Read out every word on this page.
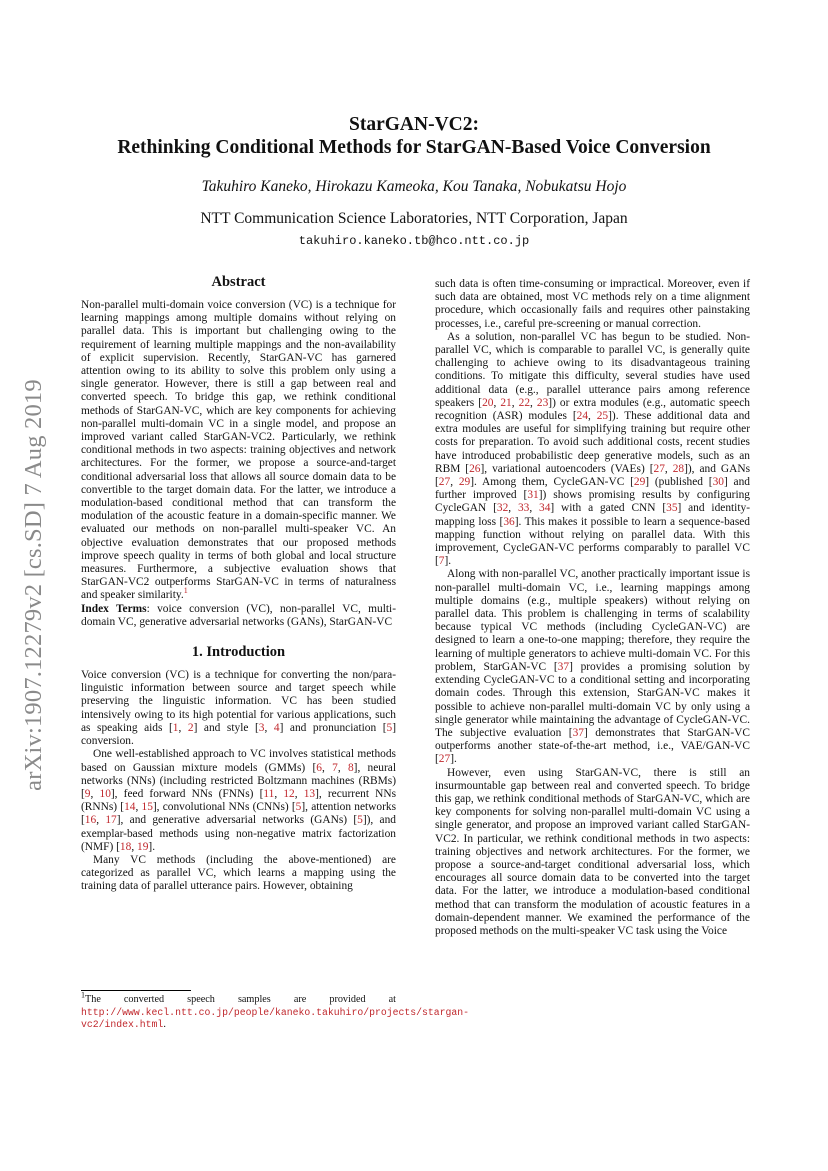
arXiv:1907.12279v2 [cs.SD] 7 Aug 2019
StarGAN-VC2:
Rethinking Conditional Methods for StarGAN-Based Voice Conversion
Takuhiro Kaneko, Hirokazu Kameoka, Kou Tanaka, Nobukatsu Hojo
NTT Communication Science Laboratories, NTT Corporation, Japan
takuhiro.kaneko.tb@hco.ntt.co.jp
Abstract

Non-parallel multi-domain voice conversion (VC) is a technique for learning mappings among multiple domains without relying on parallel data. This is important but challenging owing to the requirement of learning multiple mappings and the non-availability of explicit supervision. Recently, StarGAN-VC has garnered attention owing to its ability to solve this problem only using a single generator. However, there is still a gap between real and converted speech. To bridge this gap, we rethink conditional methods of StarGAN-VC, which are key components for achieving non-parallel multi-domain VC in a single model, and propose an improved variant called StarGAN-VC2. Particularly, we rethink conditional methods in two aspects: training objectives and network architectures. For the former, we propose a source-and-target conditional adversarial loss that allows all source domain data to be convertible to the target domain data. For the latter, we introduce a modulation-based conditional method that can transform the modulation of the acoustic feature in a domain-specific manner. We evaluated our methods on non-parallel multi-speaker VC. An objective evaluation demonstrates that our proposed methods improve speech quality in terms of both global and local structure measures. Furthermore, a subjective evaluation shows that StarGAN-VC2 outperforms StarGAN-VC in terms of naturalness and speaker similarity.$^1$

Index Terms: voice conversion (VC), non-parallel VC, multi-domain VC, generative adversarial networks (GANs), StarGAN-VC

1. Introduction

Voice conversion (VC) is a technique for converting the non/para-linguistic information between source and target speech while preserving the linguistic information. VC has been studied intensively owing to its high potential for various applications, such as speaking aids [1, 2] and style [3, 4] and pronunciation [5] conversion.

One well-established approach to VC involves statistical methods based on Gaussian mixture models (GMMs) [6, 7, 8], neural networks (NNs) (including restricted Boltzmann machines (RBMs) [9, 10], feed forward NNs (FNNs) [11, 12, 13], recurrent NNs (RNNs) [14, 15], convolutional NNs (CNNs) [5], attention networks [16, 17], and generative adversarial networks (GANs) [5]), and exemplar-based methods using non-negative matrix factorization (NMF) [18, 19].

Many VC methods (including the above-mentioned) are categorized as parallel VC, which learns a mapping using the training data of parallel utterance pairs. However, obtaining

$^1$The converted speech samples are provided at http://www.kecl.ntt.co.jp/people/kaneko.takuhiro/projects/stargan-vc2/index.html.

such data is often time-consuming or impractical. Moreover, even if such data are obtained, most VC methods rely on a time alignment procedure, which occasionally fails and requires other painstaking processes, i.e., careful pre-screening or manual correction.

As a solution, non-parallel VC has begun to be studied. Non-parallel VC, which is comparable to parallel VC, is generally quite challenging to achieve owing to its disadvantageous training conditions. To mitigate this difficulty, several studies have used additional data (e.g., parallel utterance pairs among reference speakers [20, 21, 22, 23]) or extra modules (e.g., automatic speech recognition (ASR) modules [24, 25]). These additional data and extra modules are useful for simplifying training but require other costs for preparation. To avoid such additional costs, recent studies have introduced probabilistic deep generative models, such as an RBM [26], variational autoencoders (VAEs) [27, 28]), and GANs [27, 29]. Among them, CycleGAN-VC [29] (published [30] and further improved [31]) shows promising results by configuring CycleGAN [32, 33, 34] with a gated CNN [35] and identity-mapping loss [36]. This makes it possible to learn a sequence-based mapping function without relying on parallel data. With this improvement, CycleGAN-VC performs comparably to parallel VC [7].

Along with non-parallel VC, another practically important issue is non-parallel multi-domain VC, i.e., learning mappings among multiple domains (e.g., multiple speakers) without relying on parallel data. This problem is challenging in terms of scalability because typical VC methods (including CycleGAN-VC) are designed to learn a one-to-one mapping; therefore, they require the learning of multiple generators to achieve multi-domain VC. For this problem, StarGAN-VC [37] provides a promising solution by extending CycleGAN-VC to a conditional setting and incorporating domain codes. Through this extension, StarGAN-VC makes it possible to achieve non-parallel multi-domain VC by only using a single generator while maintaining the advantage of CycleGAN-VC. The subjective evaluation [37] demonstrates that StarGAN-VC outperforms another state-of-the-art method, i.e., VAE/GAN-VC [27].

However, even using StarGAN-VC, there is still an insurmountable gap between real and converted speech. To bridge this gap, we rethink conditional methods of StarGAN-VC, which are key components for solving non-parallel multi-domain VC using a single generator, and propose an improved variant called StarGAN-VC2. In particular, we rethink conditional methods in two aspects: training objectives and network architectures. For the former, we propose a source-and-target conditional adversarial loss, which encourages all source domain data to be converted into the target data. For the latter, we introduce a modulation-based conditional method that can transform the modulation of acoustic features in a domain-dependent manner. We examined the performance of the proposed methods on the multi-speaker VC task using the Voice
